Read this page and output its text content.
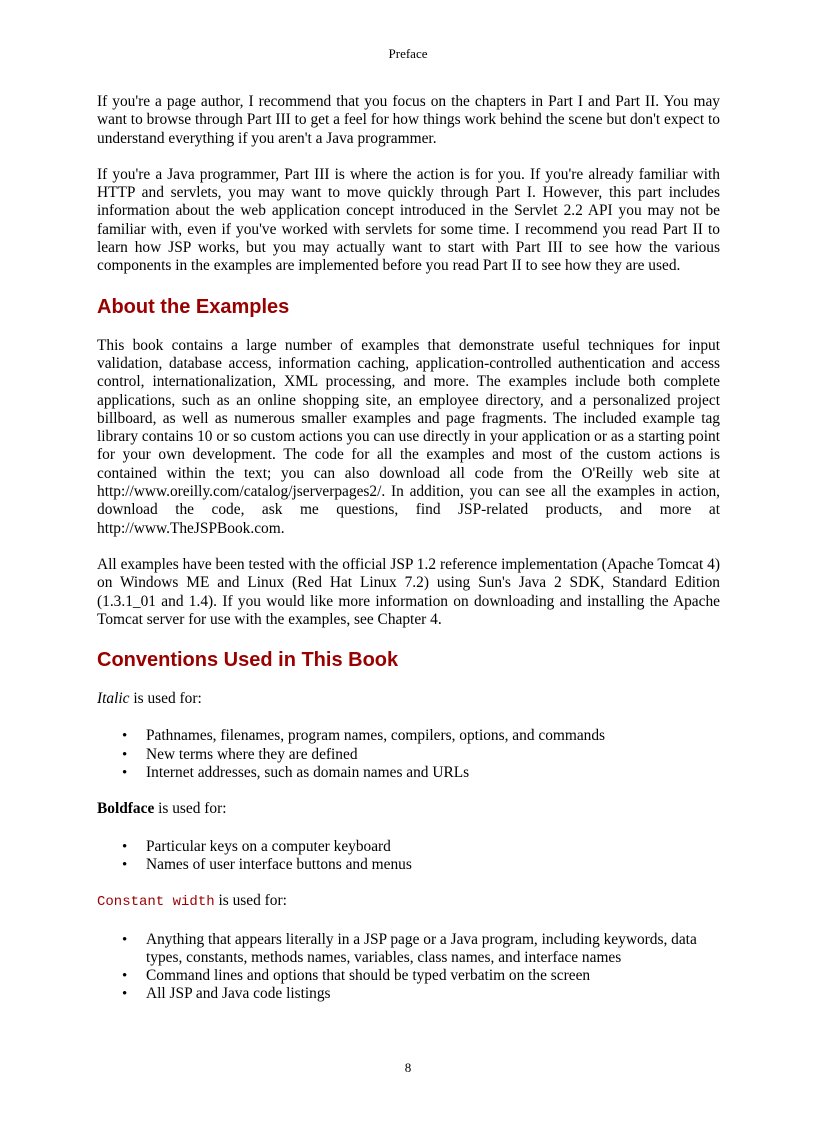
Preface

If you're a page author, I recommend that you focus on the chapters in Part I and Part II. You may want to browse through Part III to get a feel for how things work behind the scene but don't expect to understand everything if you aren't a Java programmer.

If you're a Java programmer, Part III is where the action is for you. If you're already familiar with HTTP and servlets, you may want to move quickly through Part I. However, this part includes information about the web application concept introduced in the Servlet 2.2 API you may not be familiar with, even if you've worked with servlets for some time. I recommend you read Part II to learn how JSP works, but you may actually want to start with Part III to see how the various components in the examples are implemented before you read Part II to see how they are used.

About the Examples

This book contains a large number of examples that demonstrate useful techniques for input validation, database access, information caching, application-controlled authentication and access control, internationalization, XML processing, and more. The examples include both complete applications, such as an online shopping site, an employee directory, and a personalized project billboard, as well as numerous smaller examples and page fragments. The included example tag library contains 10 or so custom actions you can use directly in your application or as a starting point for your own development. The code for all the examples and most of the custom actions is contained within the text; you can also download all code from the O'Reilly web site at http://www.oreilly.com/catalog/jserverpages2/. In addition, you can see all the examples in action, download the code, ask me questions, find JSP-related products, and more at http://www.TheJSPBook.com.

All examples have been tested with the official JSP 1.2 reference implementation (Apache Tomcat 4) on Windows ME and Linux (Red Hat Linux 7.2) using Sun's Java 2 SDK, Standard Edition (1.3.1_01 and 1.4). If you would like more information on downloading and installing the Apache Tomcat server for use with the examples, see Chapter 4.

Conventions Used in This Book

Italic is used for:

• Pathnames, filenames, program names, compilers, options, and commands
• New terms where they are defined
• Internet addresses, such as domain names and URLs

Boldface is used for:

• Particular keys on a computer keyboard
• Names of user interface buttons and menus

Constant width is used for:

• Anything that appears literally in a JSP page or a Java program, including keywords, data types, constants, methods names, variables, class names, and interface names
• Command lines and options that should be typed verbatim on the screen
• All JSP and Java code listings
8
